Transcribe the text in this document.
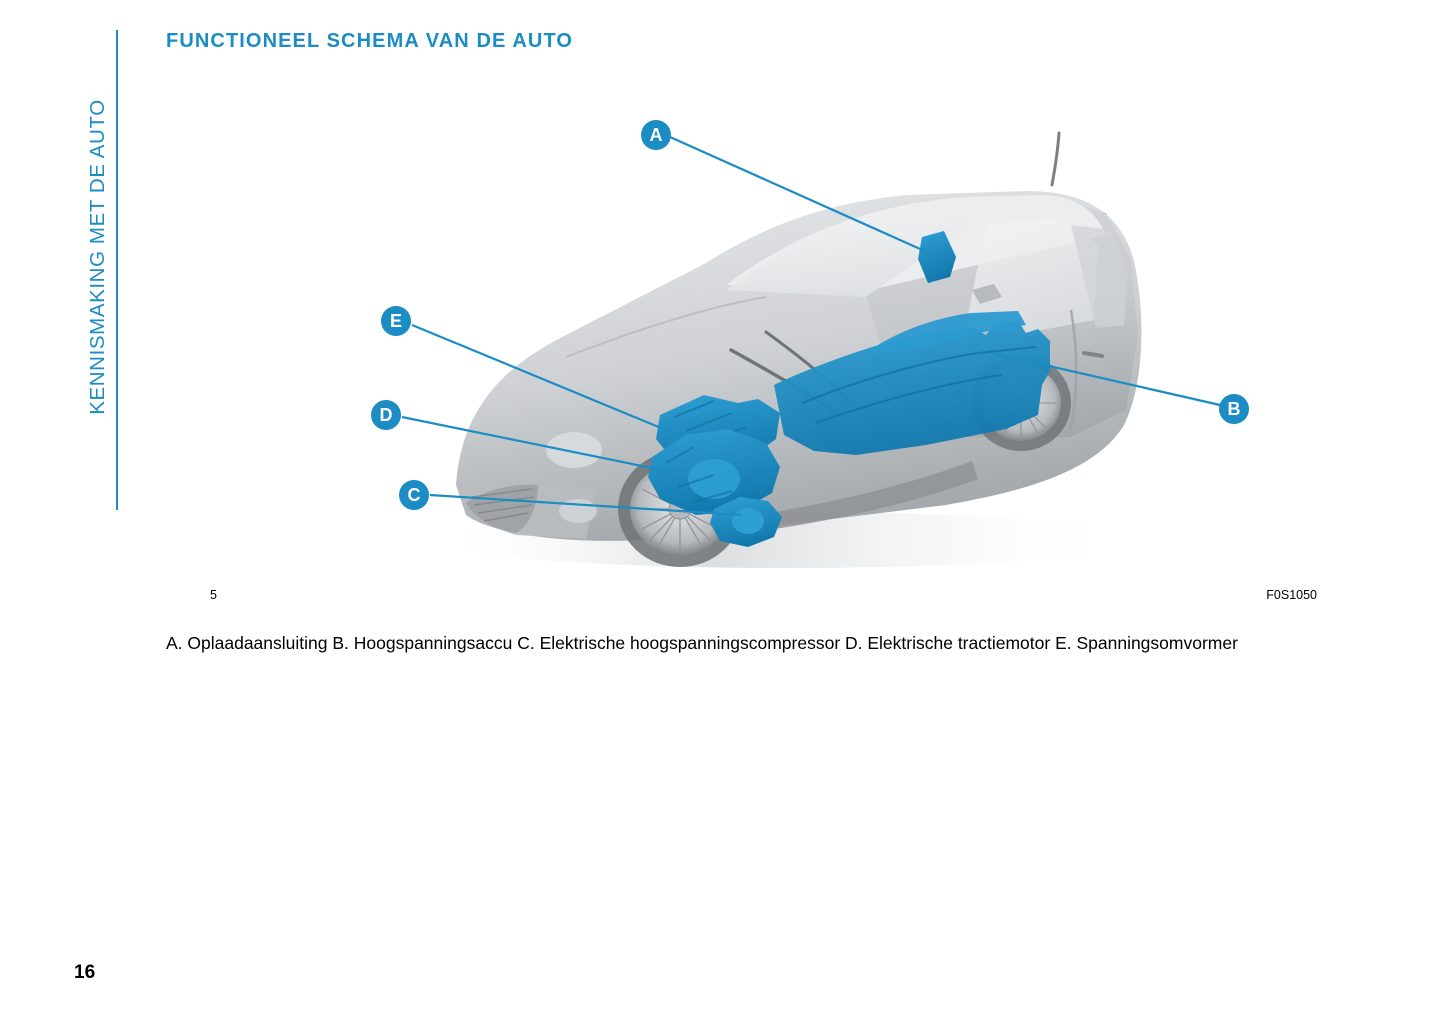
KENNISMAKING MET DE AUTO
FUNCTIONEEL SCHEMA VAN DE AUTO
A
B
C
D
E
5	F0S1050
A. Oplaadaansluiting B. Hoogspanningsaccu C. Elektrische hoogspanningscompressor D. Elektrische tractiemotor E. Spanningsomvormer
16
